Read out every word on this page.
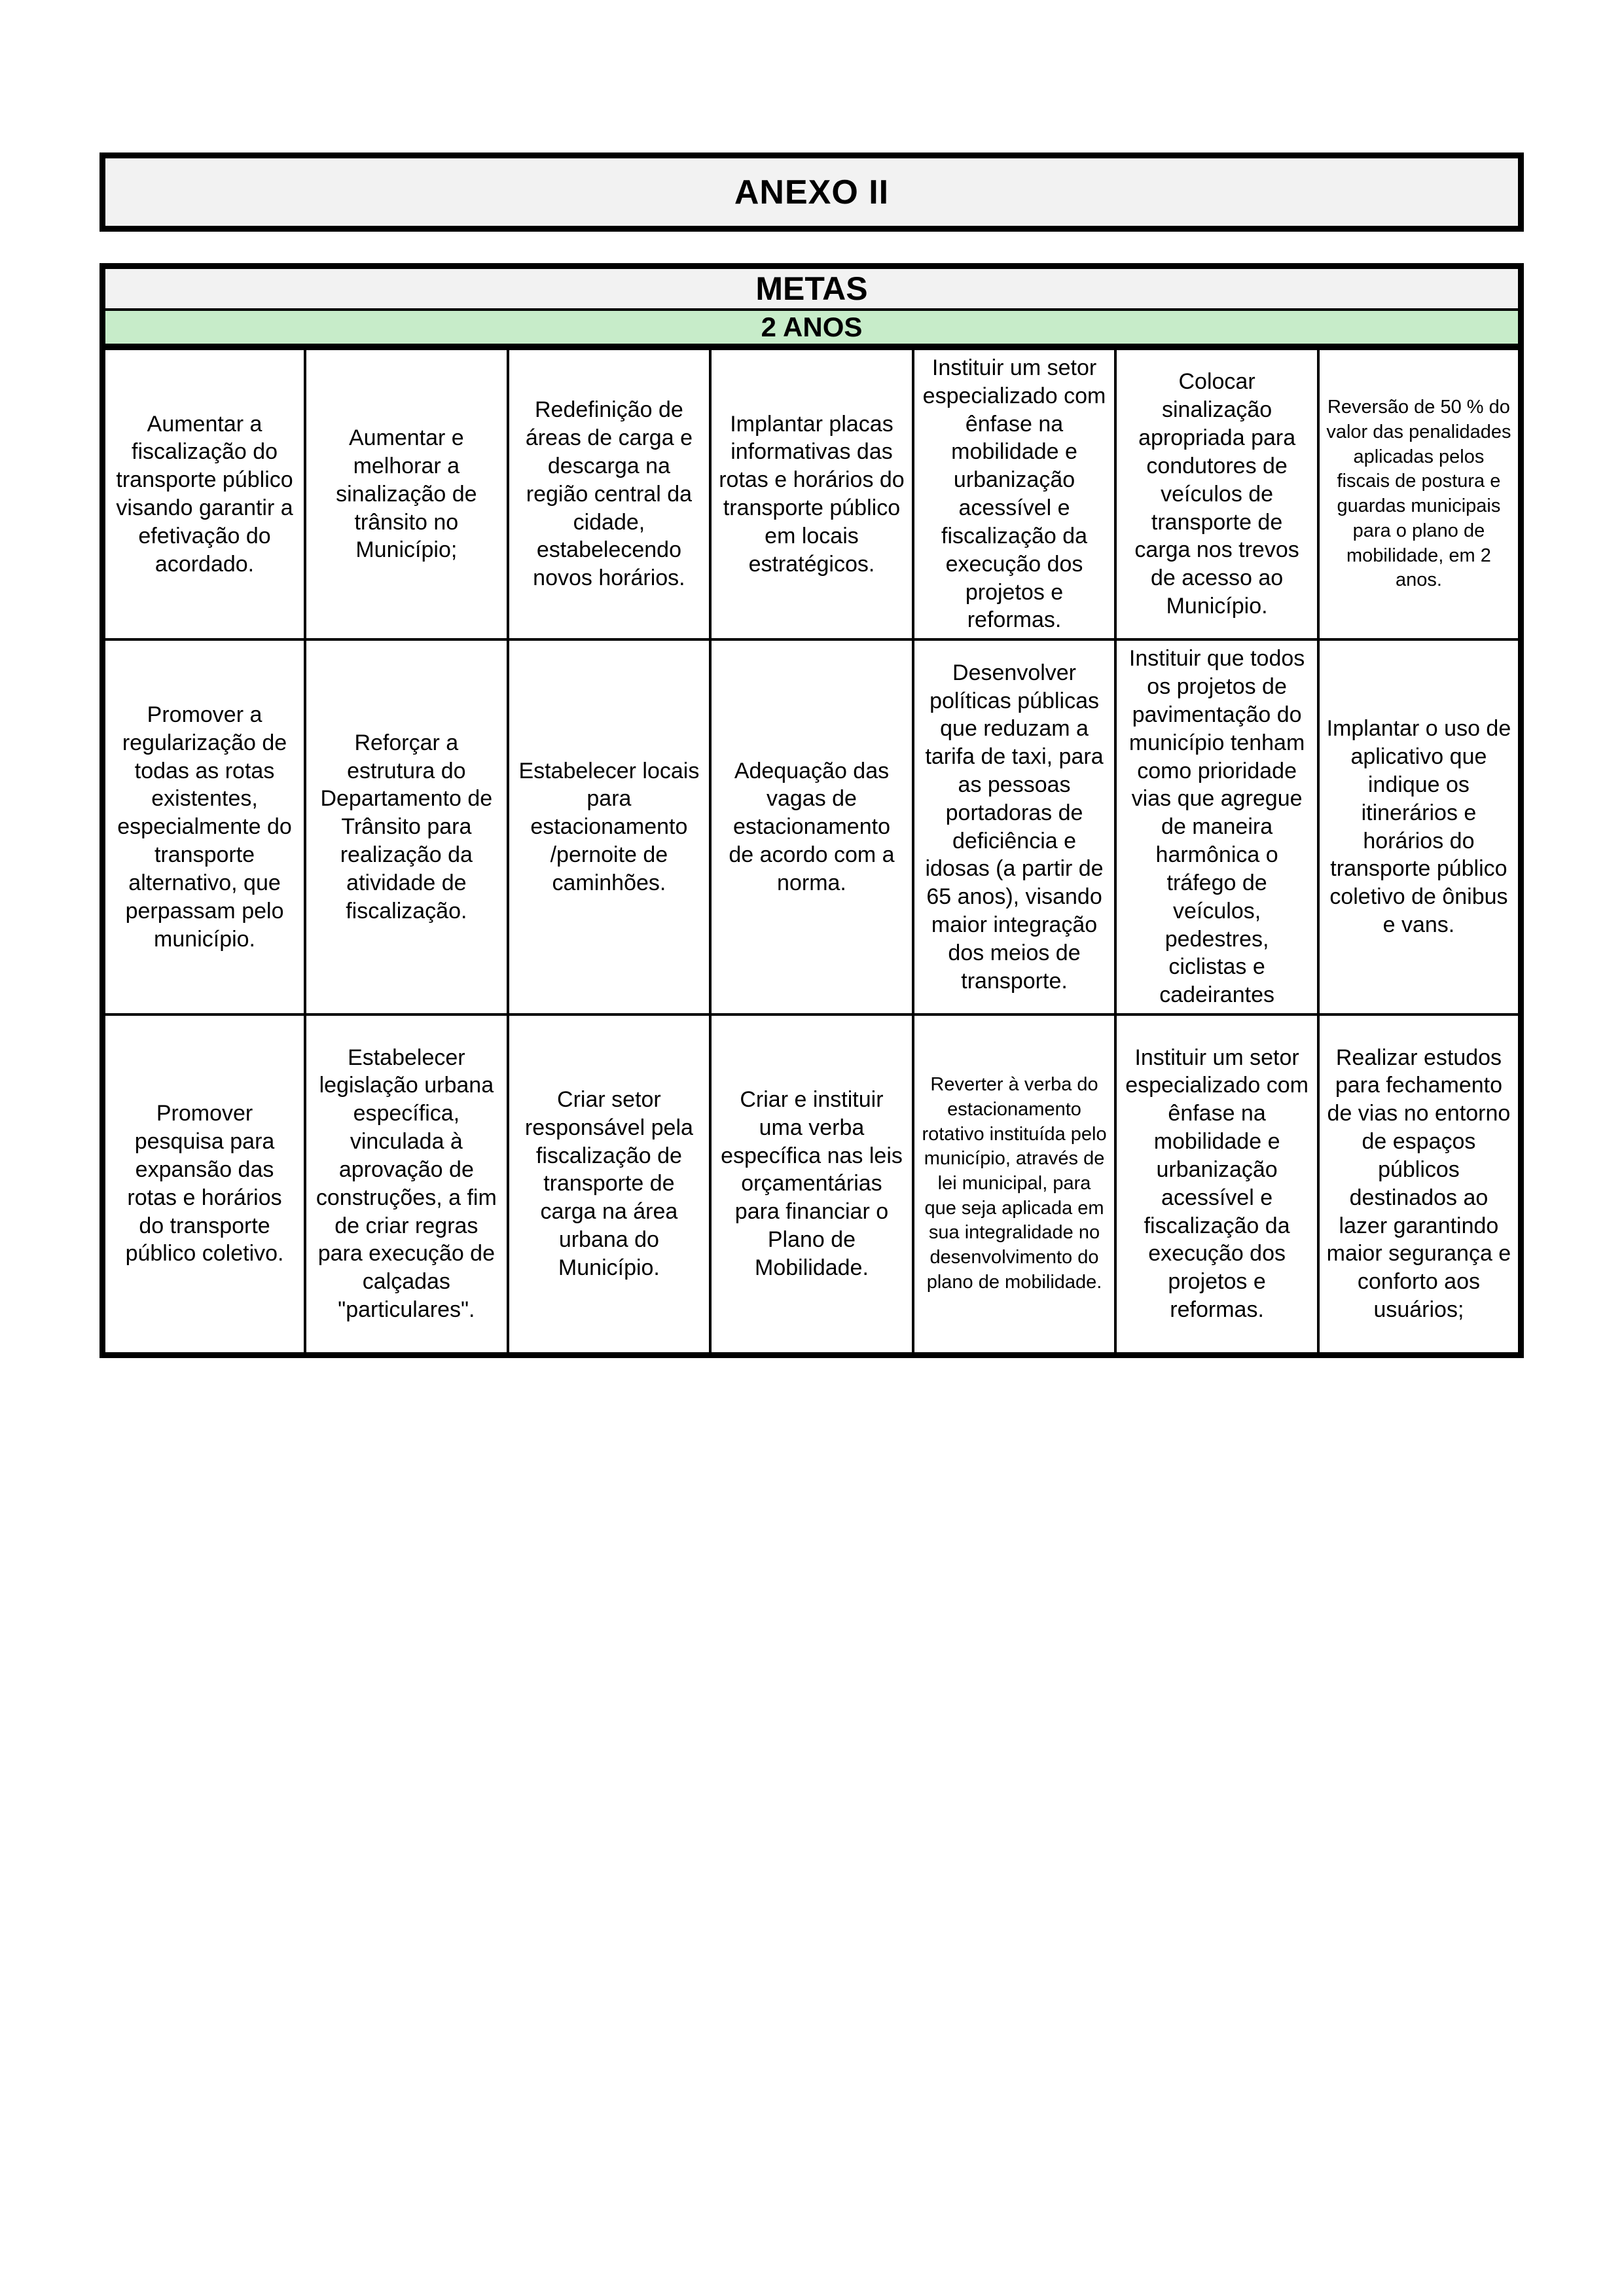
ANEXO II
METAS						
2 ANOS						
Aumentar a fiscalização do transporte público visando garantir a efetivação do acordado.	Aumentar e melhorar a sinalização de trânsito no Município;	Redefinição de áreas de carga e descarga na região central da cidade, estabelecendo novos horários.	Implantar placas informativas das rotas e horários do transporte público em locais estratégicos.	Instituir um setor especializado com ênfase na mobilidade e urbanização acessível e fiscalização da execução dos projetos e reformas.	Colocar sinalização apropriada para condutores de veículos de transporte de carga nos trevos de acesso ao Município.	Reversão de 50 % do valor das penalidades aplicadas pelos fiscais de postura e guardas municipais para o plano de mobilidade, em 2 anos.
Promover a regularização de todas as rotas existentes, especialmente do transporte alternativo, que perpassam pelo município.	Reforçar a estrutura do Departamento de Trânsito para realização da atividade de fiscalização.	Estabelecer locais para estacionamento /pernoite de caminhões.	Adequação das vagas de estacionamento de acordo com a norma.	Desenvolver políticas públicas que reduzam a tarifa de taxi, para as pessoas portadoras de deficiência e idosas (a partir de 65 anos), visando maior integração dos meios de transporte.	Instituir que todos os projetos de pavimentação do município tenham como prioridade vias que agregue de maneira harmônica o tráfego de veículos, pedestres, ciclistas e cadeirantes	Implantar o uso de aplicativo que indique os itinerários e horários do transporte público coletivo de ônibus e vans.
Promover pesquisa para expansão das rotas e horários do transporte público coletivo.	Estabelecer legislação urbana específica, vinculada à aprovação de construções, a fim de criar regras para execução de calçadas "particulares".	Criar setor responsável pela fiscalização de transporte de carga na área urbana do Município.	Criar e instituir uma verba específica nas leis orçamentárias para financiar o Plano de Mobilidade.	Reverter à verba do estacionamento rotativo instituída pelo município, através de lei municipal, para que seja aplicada em sua integralidade no desenvolvimento do plano de mobilidade.	Instituir um setor especializado com ênfase na mobilidade e urbanização acessível e fiscalização da execução dos projetos e reformas.	Realizar estudos para fechamento de vias no entorno de espaços públicos destinados ao lazer garantindo maior segurança e conforto aos usuários;
